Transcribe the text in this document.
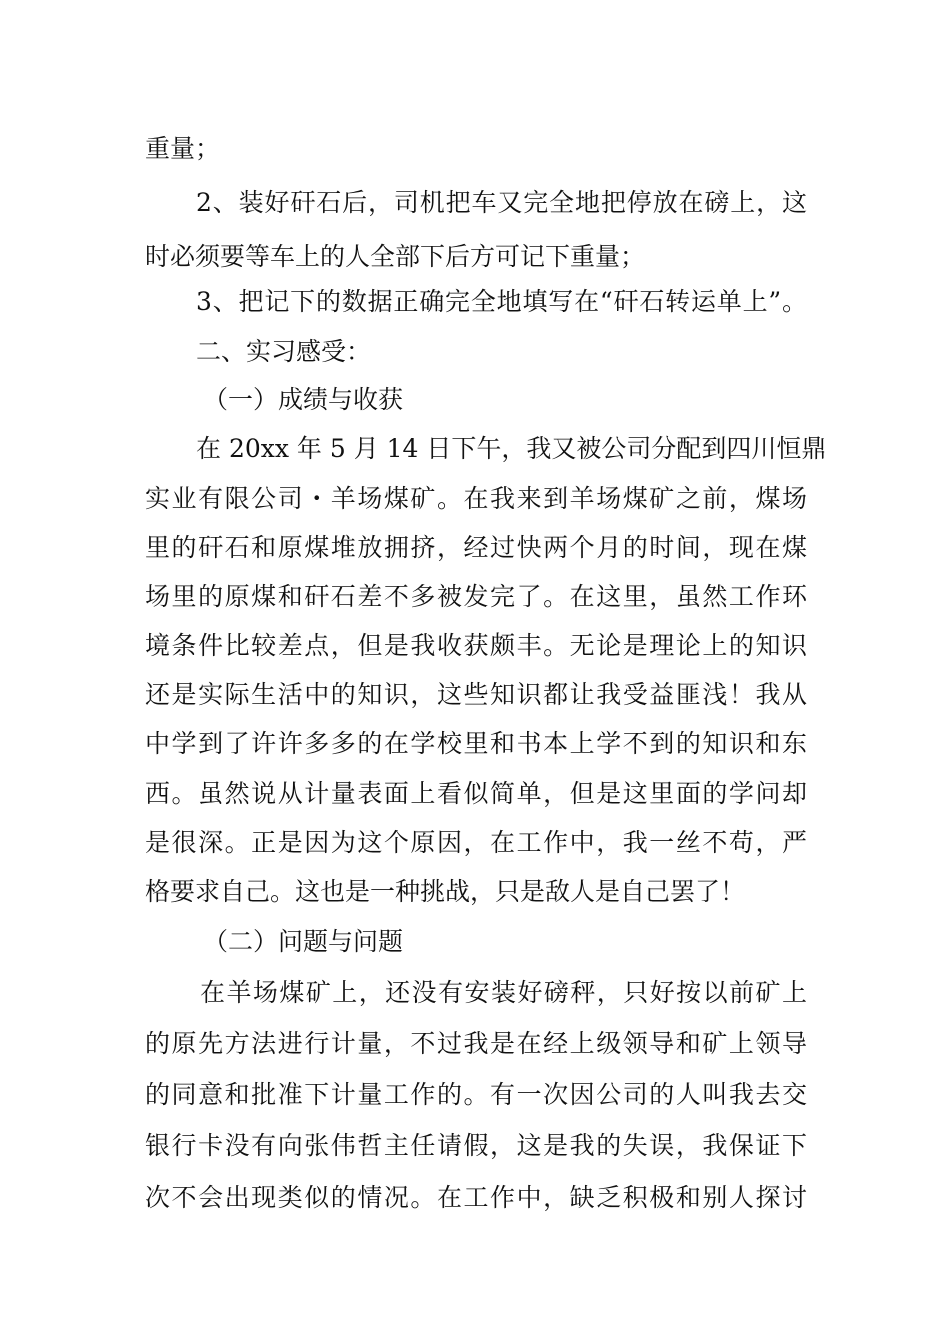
重量；
2、装好矸石后，司机把车又完全地把停放在磅上，这
时必须要等车上的人全部下后方可记下重量；
3、把记下的数据正确完全地填写在“矸石转运单上”。
二、实习感受：
（一）成绩与收获
在 20xx 年 5 月 14 日下午，我又被公司分配到四川恒鼎
实业有限公司・羊场煤矿。在我来到羊场煤矿之前，煤场
里的矸石和原煤堆放拥挤，经过快两个月的时间，现在煤
场里的原煤和矸石差不多被发完了。在这里，虽然工作环
境条件比较差点，但是我收获颇丰。无论是理论上的知识
还是实际生活中的知识，这些知识都让我受益匪浅！我从
中学到了许许多多的在学校里和书本上学不到的知识和东
西。虽然说从计量表面上看似简单，但是这里面的学问却
是很深。正是因为这个原因，在工作中，我一丝不苟，严
格要求自己。这也是一种挑战，只是敌人是自己罢了！
（二）问题与问题
在羊场煤矿上，还没有安装好磅秤，只好按以前矿上
的原先方法进行计量，不过我是在经上级领导和矿上领导
的同意和批准下计量工作的。有一次因公司的人叫我去交
银行卡没有向张伟哲主任请假，这是我的失误，我保证下
次不会出现类似的情况。在工作中，缺乏积极和别人探讨
